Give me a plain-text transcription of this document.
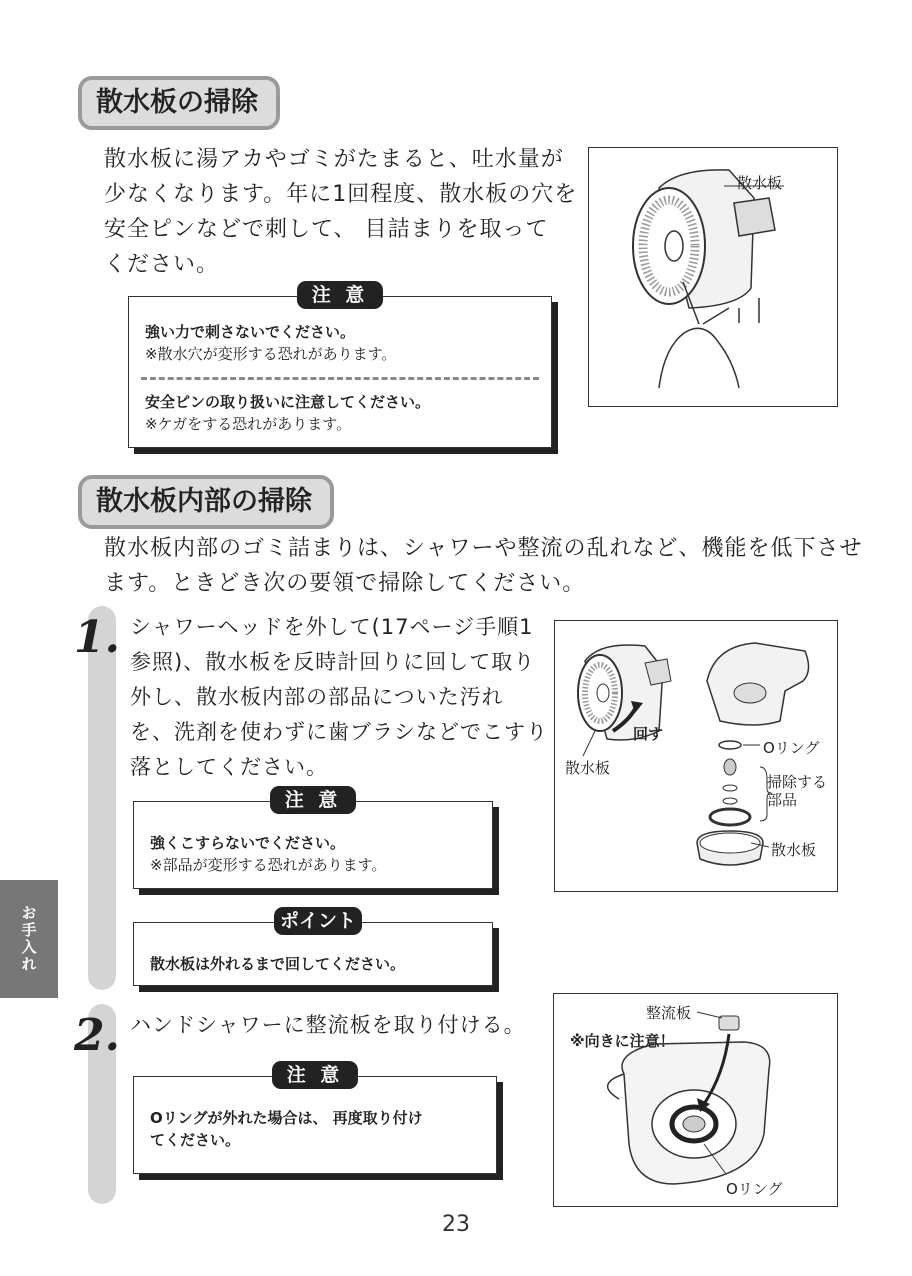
散水板の掃除
散水板に湯アカやゴミがたまると、吐水量が
少なくなります。年に1回程度、散水板の穴を
安全ピンなどで刺して、 目詰まりを取って
ください。
注 意
強い力で刺さないでください。
※散水穴が変形する恐れがあります。
安全ピンの取り扱いに注意してください。
※ケガをする恐れがあります。
散水板
散水板内部の掃除
散水板内部のゴミ詰まりは、シャワーや整流の乱れなど、機能を低下させ
ます。ときどき次の要領で掃除してください。
1. シャワーヘッドを外して(17ページ手順1
参照)、散水板を反時計回りに回して取り
外し、散水板内部の部品についた汚れ
を、洗剤を使わずに歯ブラシなどでこすり
落としてください。
注 意
強くこすらないでください。
※部品が変形する恐れがあります。
ポイント
散水板は外れるまで回してください。
回す
散水板
Oリング
掃除する
部品
散水板
2. ハンドシャワーに整流板を取り付ける。
注 意
Oリングが外れた場合は、 再度取り付け
てください。
整流板
※向きに注意！
Oリング
お手入れ
23
